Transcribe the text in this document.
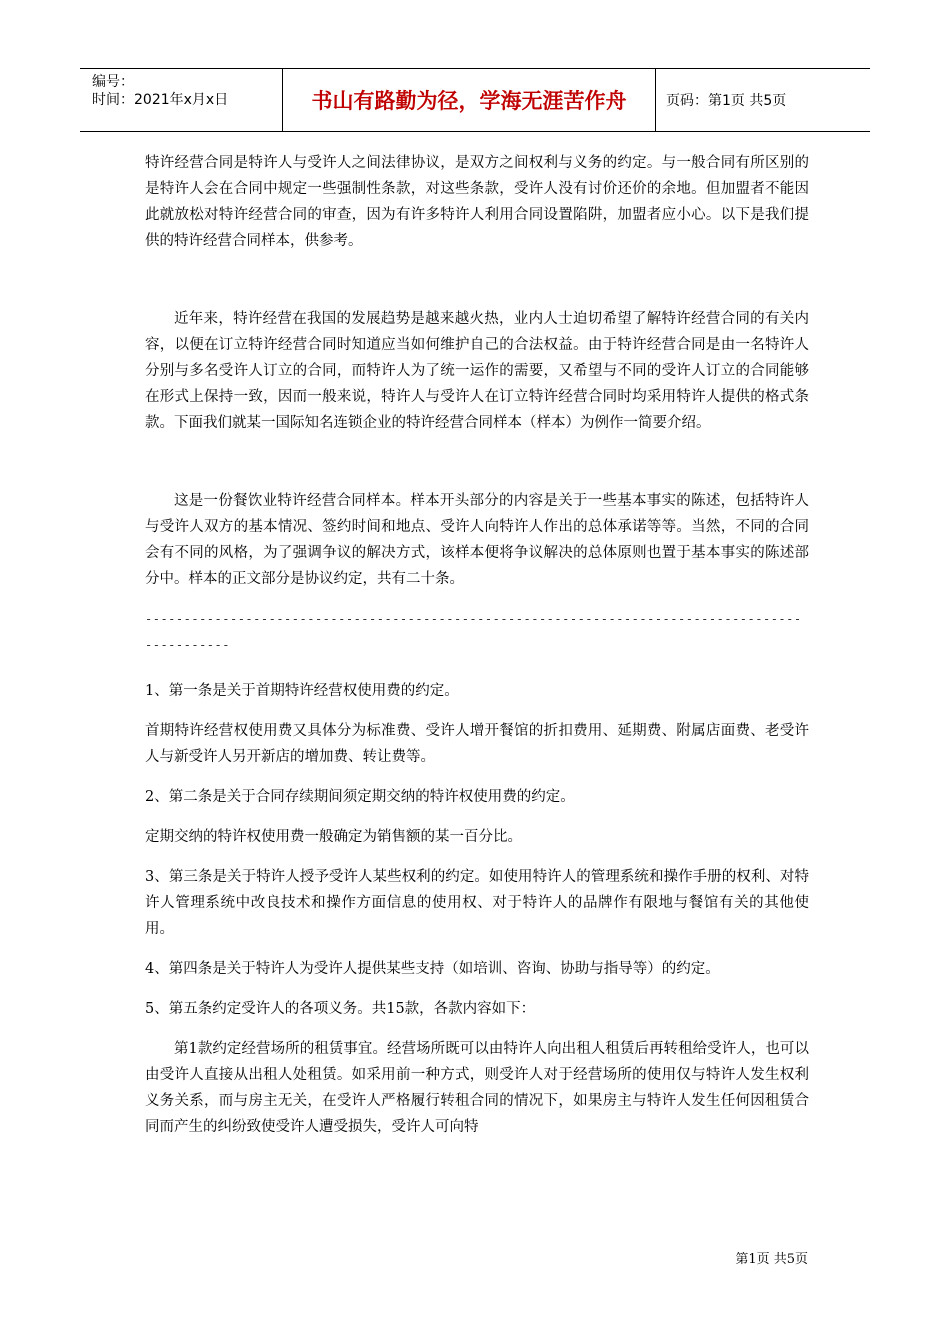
编号：
时间：2021年x月x日	书山有路勤为径，学海无涯苦作舟	页码：第1页 共5页

特许经营合同是特许人与受许人之间法律协议，是双方之间权利与义务的约定。与一般合同有所区别的是特许人会在合同中规定一些强制性条款，对这些条款，受许人没有讨价还价的余地。但加盟者不能因此就放松对特许经营合同的审查，因为有许多特许人利用合同设置陷阱，加盟者应小心。以下是我们提供的特许经营合同样本，供参考。

近年来，特许经营在我国的发展趋势是越来越火热，业内人士迫切希望了解特许经营合同的有关内容，以便在订立特许经营合同时知道应当如何维护自己的合法权益。由于特许经营合同是由一名特许人分别与多名受许人订立的合同，而特许人为了统一运作的需要，又希望与不同的受许人订立的合同能够在形式上保持一致，因而一般来说，特许人与受许人在订立特许经营合同时均采用特许人提供的格式条款。下面我们就某一国际知名连锁企业的特许经营合同样本（样本）为例作一简要介绍。

这是一份餐饮业特许经营合同样本。样本开头部分的内容是关于一些基本事实的陈述，包括特许人与受许人双方的基本情况、签约时间和地点、受许人向特许人作出的总体承诺等等。当然，不同的合同会有不同的风格，为了强调争议的解决方式，该样本便将争议解决的总体原则也置于基本事实的陈述部分中。样本的正文部分是协议约定，共有二十条。

------------------------------------------------------------------------------------------------

1、第一条是关于首期特许经营权使用费的约定。

首期特许经营权使用费又具体分为标准费、受许人增开餐馆的折扣费用、延期费、附属店面费、老受许人与新受许人另开新店的增加费、转让费等。

2、第二条是关于合同存续期间须定期交纳的特许权使用费的约定。

定期交纳的特许权使用费一般确定为销售额的某一百分比。

3、第三条是关于特许人授予受许人某些权利的约定。如使用特许人的管理系统和操作手册的权利、对特许人管理系统中改良技术和操作方面信息的使用权、对于特许人的品牌作有限地与餐馆有关的其他使用。

4、第四条是关于特许人为受许人提供某些支持（如培训、咨询、协助与指导等）的约定。

5、第五条约定受许人的各项义务。共15款，各款内容如下：

第1款约定经营场所的租赁事宜。经营场所既可以由特许人向出租人租赁后再转租给受许人，也可以由受许人直接从出租人处租赁。如采用前一种方式，则受许人对于经营场所的使用仅与特许人发生权利义务关系，而与房主无关，在受许人严格履行转租合同的情况下，如果房主与特许人发生任何因租赁合同而产生的纠纷致使受许人遭受损失，受许人可向特

第1页 共5页
